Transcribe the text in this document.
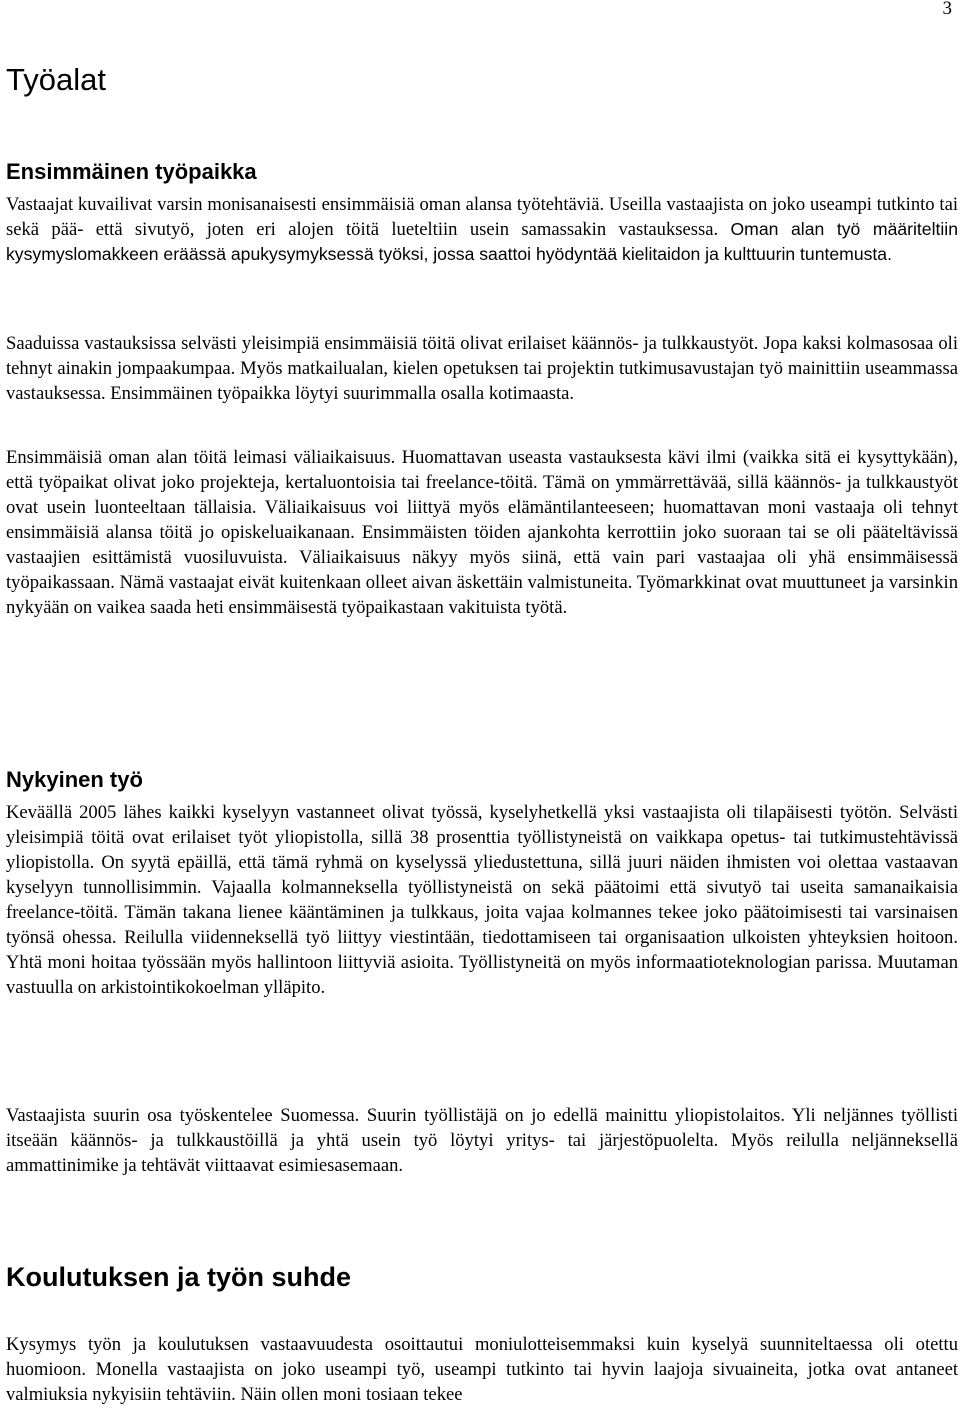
3
Työalat
Ensimmäinen työpaikka

Vastaajat kuvailivat varsin monisanaisesti ensimmäisiä oman alansa työtehtäviä. Useilla vastaajista on joko useampi tutkinto tai sekä pää- että sivutyö, joten eri alojen töitä lueteltiin usein samassakin vastauksessa. Oman alan työ määriteltiin kysymyslomakkeen eräässä apukysymyksessä työksi, jossa saattoi hyödyntää kielitaidon ja kulttuurin tuntemusta.

Saaduissa vastauksissa selvästi yleisimpiä ensimmäisiä töitä olivat erilaiset käännös- ja tulkkaustyöt. Jopa kaksi kolmasosaa oli tehnyt ainakin jompaakumpaa. Myös matkailualan, kielen opetuksen tai projektin tutkimusavustajan työ mainittiin useammassa vastauksessa. Ensimmäinen työpaikka löytyi suurimmalla osalla kotimaasta.

Ensimmäisiä oman alan töitä leimasi väliaikaisuus. Huomattavan useasta vastauksesta kävi ilmi (vaikka sitä ei kysyttykään), että työpaikat olivat joko projekteja, kertaluontoisia tai freelance-töitä. Tämä on ymmärrettävää, sillä käännös- ja tulkkaustyöt ovat usein luonteeltaan tällaisia. Väliaikaisuus voi liittyä myös elämäntilanteeseen; huomattavan moni vastaaja oli tehnyt ensimmäisiä alansa töitä jo opiskeluaikanaan. Ensimmäisten töiden ajankohta kerrottiin joko suoraan tai se oli pääteltävissä vastaajien esittämistä vuosiluvuista. Väliaikaisuus näkyy myös siinä, että vain pari vastaajaa oli yhä ensimmäisessä työpaikassaan. Nämä vastaajat eivät kuitenkaan olleet aivan äskettäin valmistuneita. Työmarkkinat ovat muuttuneet ja varsinkin nykyään on vaikea saada heti ensimmäisestä työpaikastaan vakituista työtä.

Nykyinen työ

Keväällä 2005 lähes kaikki kyselyyn vastanneet olivat työssä, kyselyhetkellä yksi vastaajista oli tilapäisesti työtön. Selvästi yleisimpiä töitä ovat erilaiset työt yliopistolla, sillä 38 prosenttia työllistyneistä on vaikkapa opetus- tai tutkimustehtävissä yliopistolla. On syytä epäillä, että tämä ryhmä on kyselyssä yliedustettuna, sillä juuri näiden ihmisten voi olettaa vastaavan kyselyyn tunnollisimmin. Vajaalla kolmanneksella työllistyneistä on sekä päätoimi että sivutyö tai useita samanaikaisia freelance-töitä. Tämän takana lienee kääntäminen ja tulkkaus, joita vajaa kolmannes tekee joko päätoimisesti tai varsinaisen työnsä ohessa. Reilulla viidenneksellä työ liittyy viestintään, tiedottamiseen tai organisaation ulkoisten yhteyksien hoitoon. Yhtä moni hoitaa työssään myös hallintoon liittyviä asioita. Työllistyneitä on myös informaatioteknologian parissa. Muutaman vastuulla on arkistointikokoelman ylläpito.

Vastaajista suurin osa työskentelee Suomessa. Suurin työllistäjä on jo edellä mainittu yliopistolaitos. Yli neljännes työllisti itseään käännös- ja tulkkaustöillä ja yhtä usein työ löytyi yritys- tai järjestöpuolelta. Myös reilulla neljänneksellä ammattinimike ja tehtävät viittaavat esimiesasemaan.

Koulutuksen ja työn suhde

Kysymys työn ja koulutuksen vastaavuudesta osoittautui moniulotteisemmaksi kuin kyselyä suunniteltaessa oli otettu huomioon. Monella vastaajista on joko useampi työ, useampi tutkinto tai hyvin laajoja sivuaineita, jotka ovat antaneet valmiuksia nykyisiin tehtäviin. Näin ollen moni tosiaan tekee
